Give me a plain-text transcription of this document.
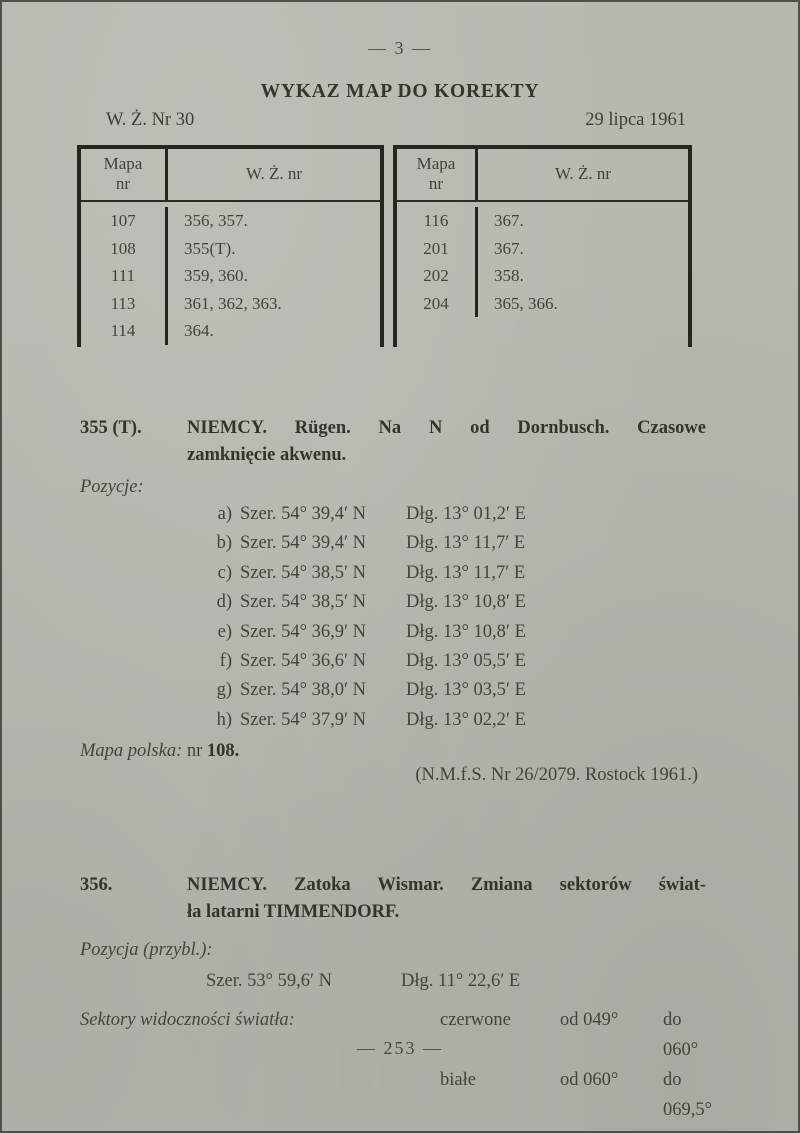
— 3 —
WYKAZ MAP DO KOREKTY
W. Ż. Nr 30	29 lipca 1961
Mapa nr
W. Ż. nr
107	356, 357.
108	355(T).
111	359, 360.
113	361, 362, 363.
114	364.
Mapa nr
W. Ż. nr
116	367.
201	367.
202	358.
204	365, 366.
355 (T).	NIEMCY. Rügen. Na N od Dornbusch. Czasowe
zamknięcie akwenu.
Pozycje:
a) Szer. 54° 39,4′ N	Dłg. 13° 01,2′ E
b) Szer. 54° 39,4′ N	Dłg. 13° 11,7′ E
c) Szer. 54° 38,5′ N	Dłg. 13° 11,7′ E
d) Szer. 54° 38,5′ N	Dłg. 13° 10,8′ E
e) Szer. 54° 36,9′ N	Dłg. 13° 10,8′ E
f) Szer. 54° 36,6′ N	Dłg. 13° 05,5′ E
g) Szer. 54° 38,0′ N	Dłg. 13° 03,5′ E
h) Szer. 54° 37,9′ N	Dłg. 13° 02,2′ E
Mapa polska: nr 108.
(N.M.f.S. Nr 26/2079. Rostock 1961.)
356.	NIEMCY. Zatoka Wismar. Zmiana sektorów świat-
ła latarni TIMMENDORF.
Pozycja (przybl.):
Szer. 53° 59,6′ N	Dłg. 11° 22,6′ E
Sektory widoczności światła:	czerwone	od 049°	do 060°
białe	od 060°	do 069,5°
— 253 —
